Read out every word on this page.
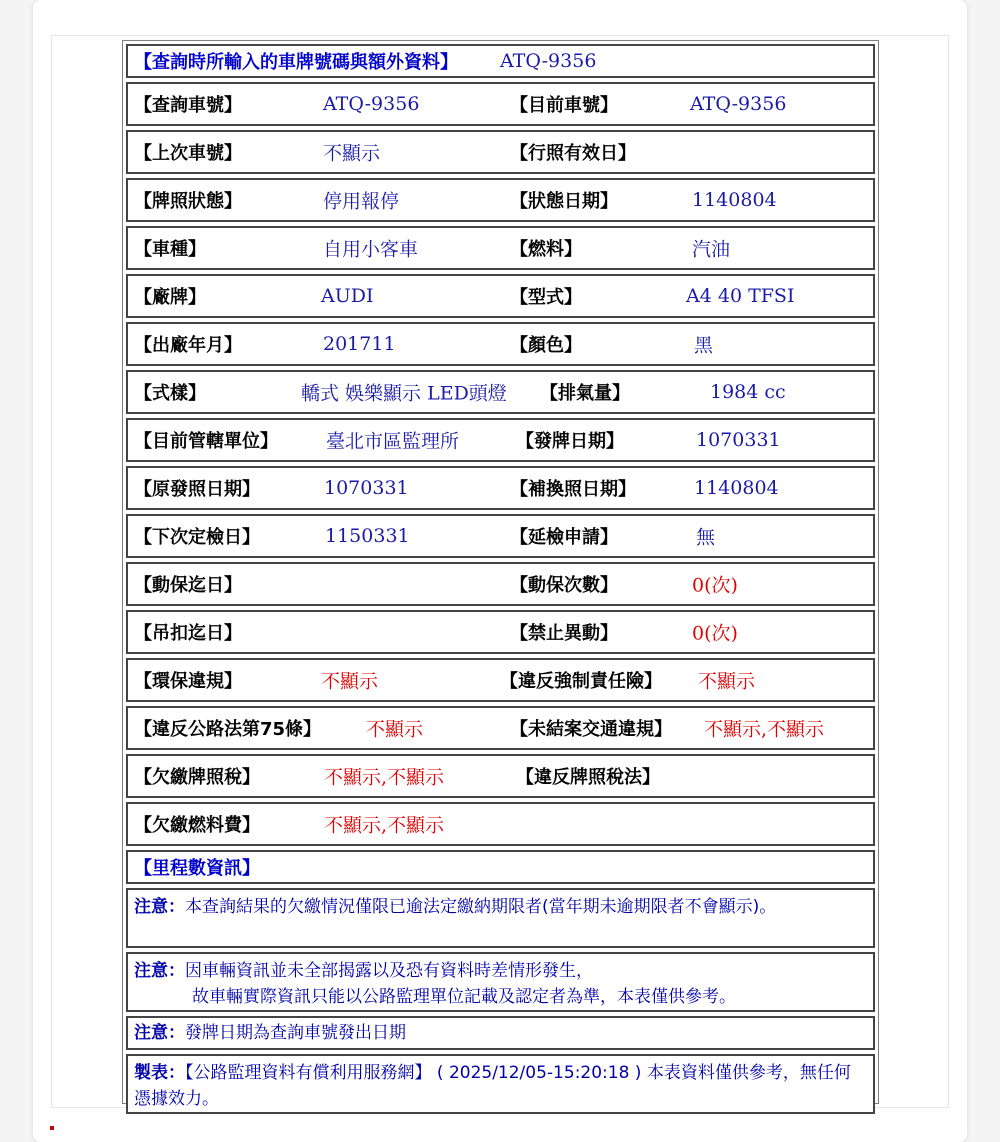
【查詢時所輸入的車牌號碼與額外資料】 ATQ-9356
【查詢車號】	ATQ-9356	【目前車號】	ATQ-9356
【上次車號】	不顯示	【行照有效日】
【牌照狀態】	停用報停	【狀態日期】	1140804
【車種】	自用小客車	【燃料】	汽油
【廠牌】	AUDI	【型式】	A4 40 TFSI
【出廠年月】	201711	【顏色】	黑
【式樣】	轎式 娛樂顯示 LED頭燈 【排氣量】	1984 cc
【目前管轄單位】	臺北市區監理所	【發牌日期】	1070331
【原發照日期】	1070331	【補換照日期】	1140804
【下次定檢日】	1150331	【延檢申請】	無
【動保迄日】	【動保次數】	0(次)
【吊扣迄日】	【禁止異動】	0(次)
【環保違規】	不顯示	【違反強制責任險】 不顯示
【違反公路法第75條】 不顯示	【未結案交通違規】 不顯示,不顯示
【欠繳牌照稅】	不顯示,不顯示	【違反牌照稅法】
【欠繳燃料費】	不顯示,不顯示
【里程數資訊】
注意：本查詢結果的欠繳情況僅限已逾法定繳納期限者(當年期未逾期限者不會顯示)。
注意：因車輛資訊並未全部揭露以及恐有資料時差情形發生，
故車輛實際資訊只能以公路監理單位記載及認定者為準，本表僅供參考。
注意：發牌日期為查詢車號發出日期
製表：【公路監理資料有償利用服務網】 ( 2025/12/05-15:20:18 ) 本表資料僅供參考，無任何憑據效力。
